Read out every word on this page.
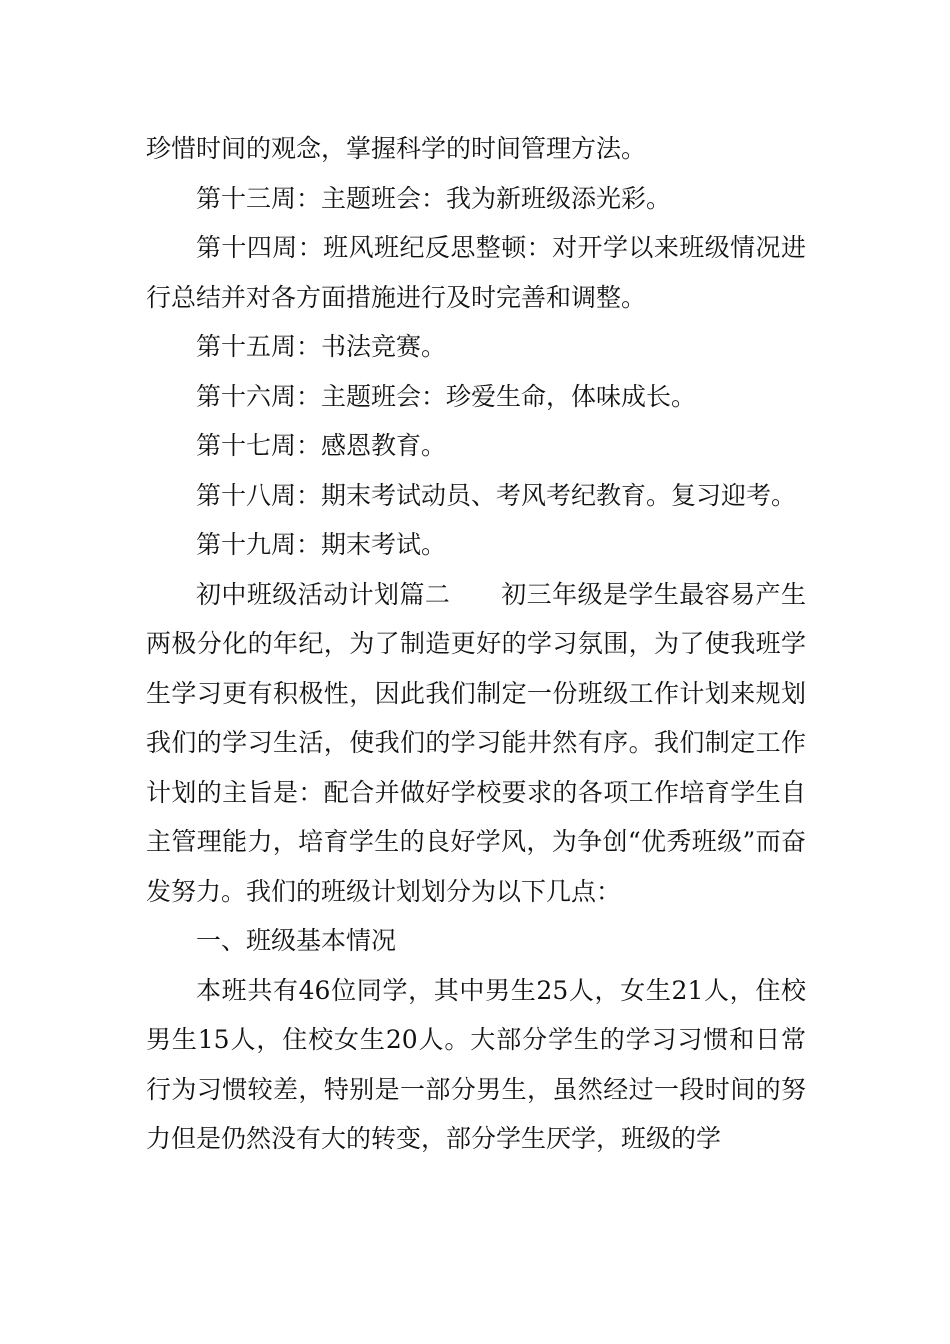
珍惜时间的观念，掌握科学的时间管理方法。

第十三周：主题班会：我为新班级添光彩。

第十四周：班风班纪反思整顿：对开学以来班级情况进行总结并对各方面措施进行及时完善和调整。

第十五周：书法竞赛。

第十六周：主题班会：珍爱生命，体味成长。

第十七周：感恩教育。

第十八周：期末考试动员、考风考纪教育。复习迎考。

第十九周：期末考试。

初中班级活动计划篇二　　初三年级是学生最容易产生两极分化的年纪，为了制造更好的学习氛围，为了使我班学生学习更有积极性，因此我们制定一份班级工作计划来规划我们的学习生活，使我们的学习能井然有序。我们制定工作计划的主旨是：配合并做好学校要求的各项工作培育学生自主管理能力，培育学生的良好学风，为争创“优秀班级”而奋发努力。我们的班级计划划分为以下几点：

一、班级基本情况

本班共有46位同学，其中男生25人，女生21人，住校男生15人，住校女生20人。大部分学生的学习习惯和日常行为习惯较差，特别是一部分男生，虽然经过一段时间的努力但是仍然没有大的转变，部分学生厌学，班级的学
